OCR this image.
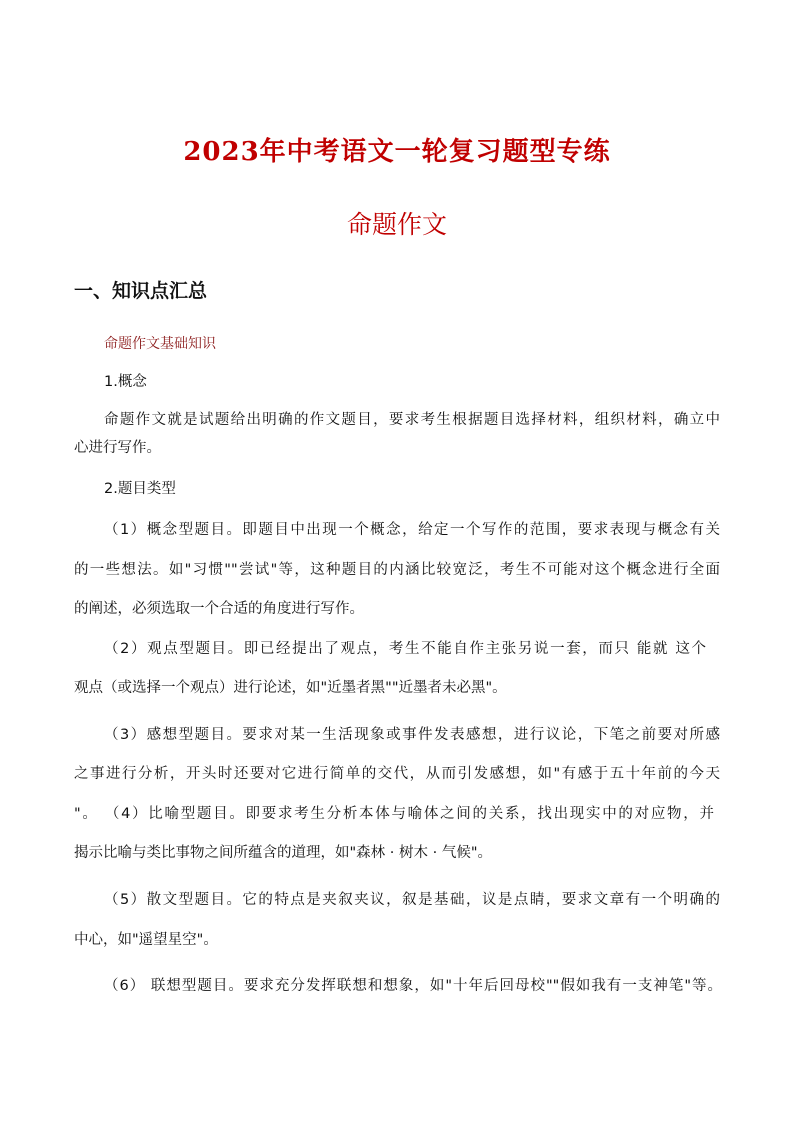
2023年中考语文一轮复习题型专练
命题作文
一、知识点汇总
命题作文基础知识
1.概念
命题作文就是试题给出明确的作文题目，要求考生根据题目选择材料，组织材料，确立中
心进行写作。
2.题目类型
（1）概念型题目。即题目中出现一个概念，给定一个写作的范围，要求表现与概念有关
的一些想法。如"习惯""尝试"等，这种题目的内涵比较宽泛，考生不可能对这个概念进行全面
的阐述，必须选取一个合适的角度进行写作。
（2）观点型题目。即已经提出了观点，考生不能自作主张另说一套，而只 能就 这个
观点（或选择一个观点）进行论述，如"近墨者黑""近墨者未必黑"。
（3）感想型题目。要求对某一生活现象或事件发表感想，进行议论，下笔之前要对所感
之事进行分析，开头时还要对它进行简单的交代，从而引发感想，如"有感于五十年前的今天
"。 （4）比喻型题目。即要求考生分析本体与喻体之间的关系，找出现实中的对应物，并
揭示比喻与类比事物之间所蕴含的道理，如"森林 · 树木 · 气候"。
（5）散文型题目。它的特点是夹叙夹议，叙是基础，议是点睛，要求文章有一个明确的
中心，如"遥望星空"。
（6） 联想型题目。要求充分发挥联想和想象，如"十年后回母校""假如我有一支神笔"等。
